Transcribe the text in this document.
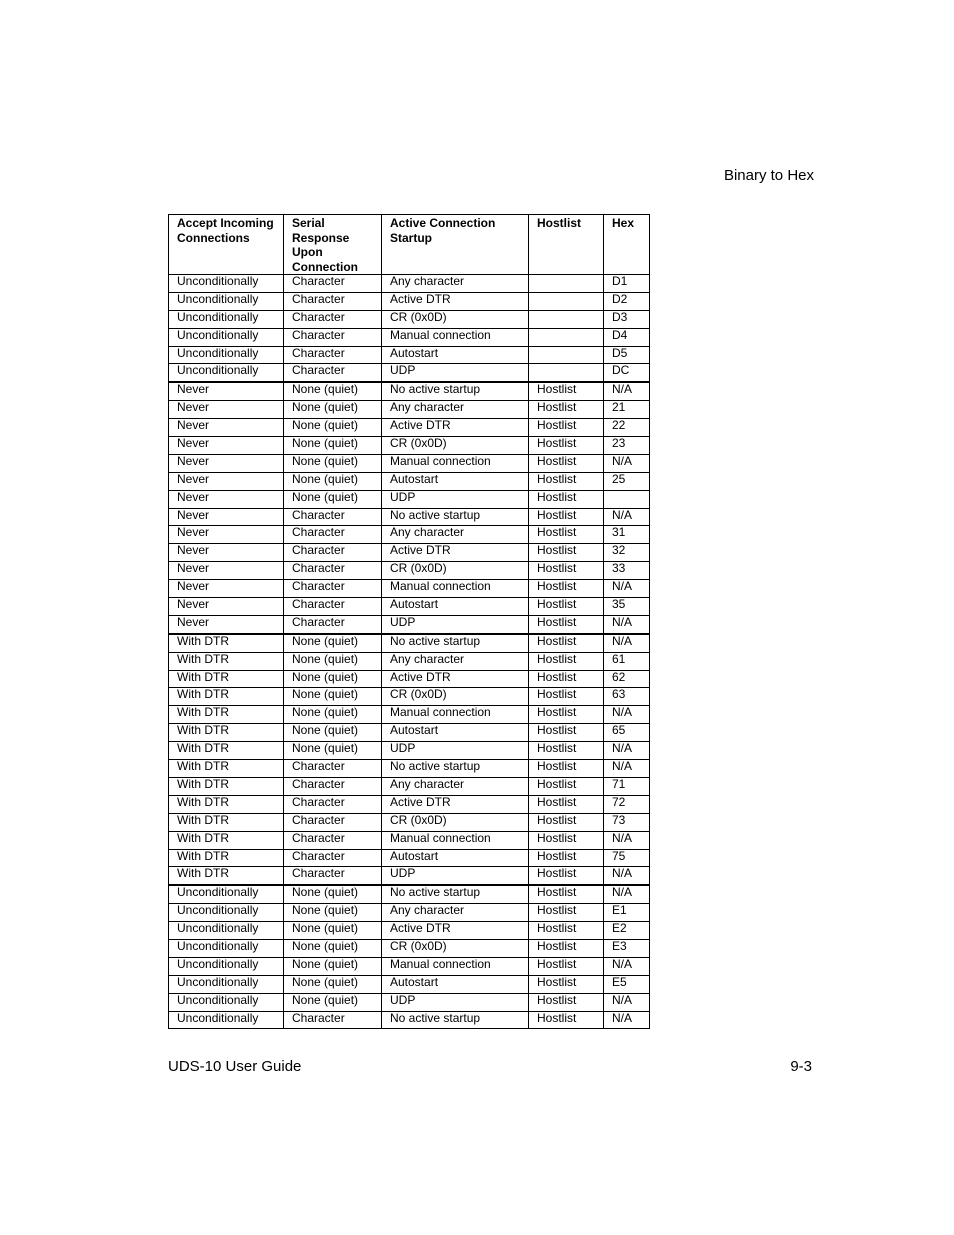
Binary to Hex
Accept Incoming Connections	Serial Response Upon Connection	Active Connection Startup	Hostlist	Hex
Unconditionally	Character	Any character		D1
Unconditionally	Character	Active DTR		D2
Unconditionally	Character	CR (0x0D)		D3
Unconditionally	Character	Manual connection		D4
Unconditionally	Character	Autostart		D5
Unconditionally	Character	UDP		DC
Never	None (quiet)	No active startup	Hostlist	N/A
Never	None (quiet)	Any character	Hostlist	21
Never	None (quiet)	Active DTR	Hostlist	22
Never	None (quiet)	CR (0x0D)	Hostlist	23
Never	None (quiet)	Manual connection	Hostlist	N/A
Never	None (quiet)	Autostart	Hostlist	25
Never	None (quiet)	UDP	Hostlist	
Never	Character	No active startup	Hostlist	N/A
Never	Character	Any character	Hostlist	31
Never	Character	Active DTR	Hostlist	32
Never	Character	CR (0x0D)	Hostlist	33
Never	Character	Manual connection	Hostlist	N/A
Never	Character	Autostart	Hostlist	35
Never	Character	UDP	Hostlist	N/A
With DTR	None (quiet)	No active startup	Hostlist	N/A
With DTR	None (quiet)	Any character	Hostlist	61
With DTR	None (quiet)	Active DTR	Hostlist	62
With DTR	None (quiet)	CR (0x0D)	Hostlist	63
With DTR	None (quiet)	Manual connection	Hostlist	N/A
With DTR	None (quiet)	Autostart	Hostlist	65
With DTR	None (quiet)	UDP	Hostlist	N/A
With DTR	Character	No active startup	Hostlist	N/A
With DTR	Character	Any character	Hostlist	71
With DTR	Character	Active DTR	Hostlist	72
With DTR	Character	CR (0x0D)	Hostlist	73
With DTR	Character	Manual connection	Hostlist	N/A
With DTR	Character	Autostart	Hostlist	75
With DTR	Character	UDP	Hostlist	N/A
Unconditionally	None (quiet)	No active startup	Hostlist	N/A
Unconditionally	None (quiet)	Any character	Hostlist	E1
Unconditionally	None (quiet)	Active DTR	Hostlist	E2
Unconditionally	None (quiet)	CR (0x0D)	Hostlist	E3
Unconditionally	None (quiet)	Manual connection	Hostlist	N/A
Unconditionally	None (quiet)	Autostart	Hostlist	E5
Unconditionally	None (quiet)	UDP	Hostlist	N/A
Unconditionally	Character	No active startup	Hostlist	N/A
UDS-10 User Guide	9-3
